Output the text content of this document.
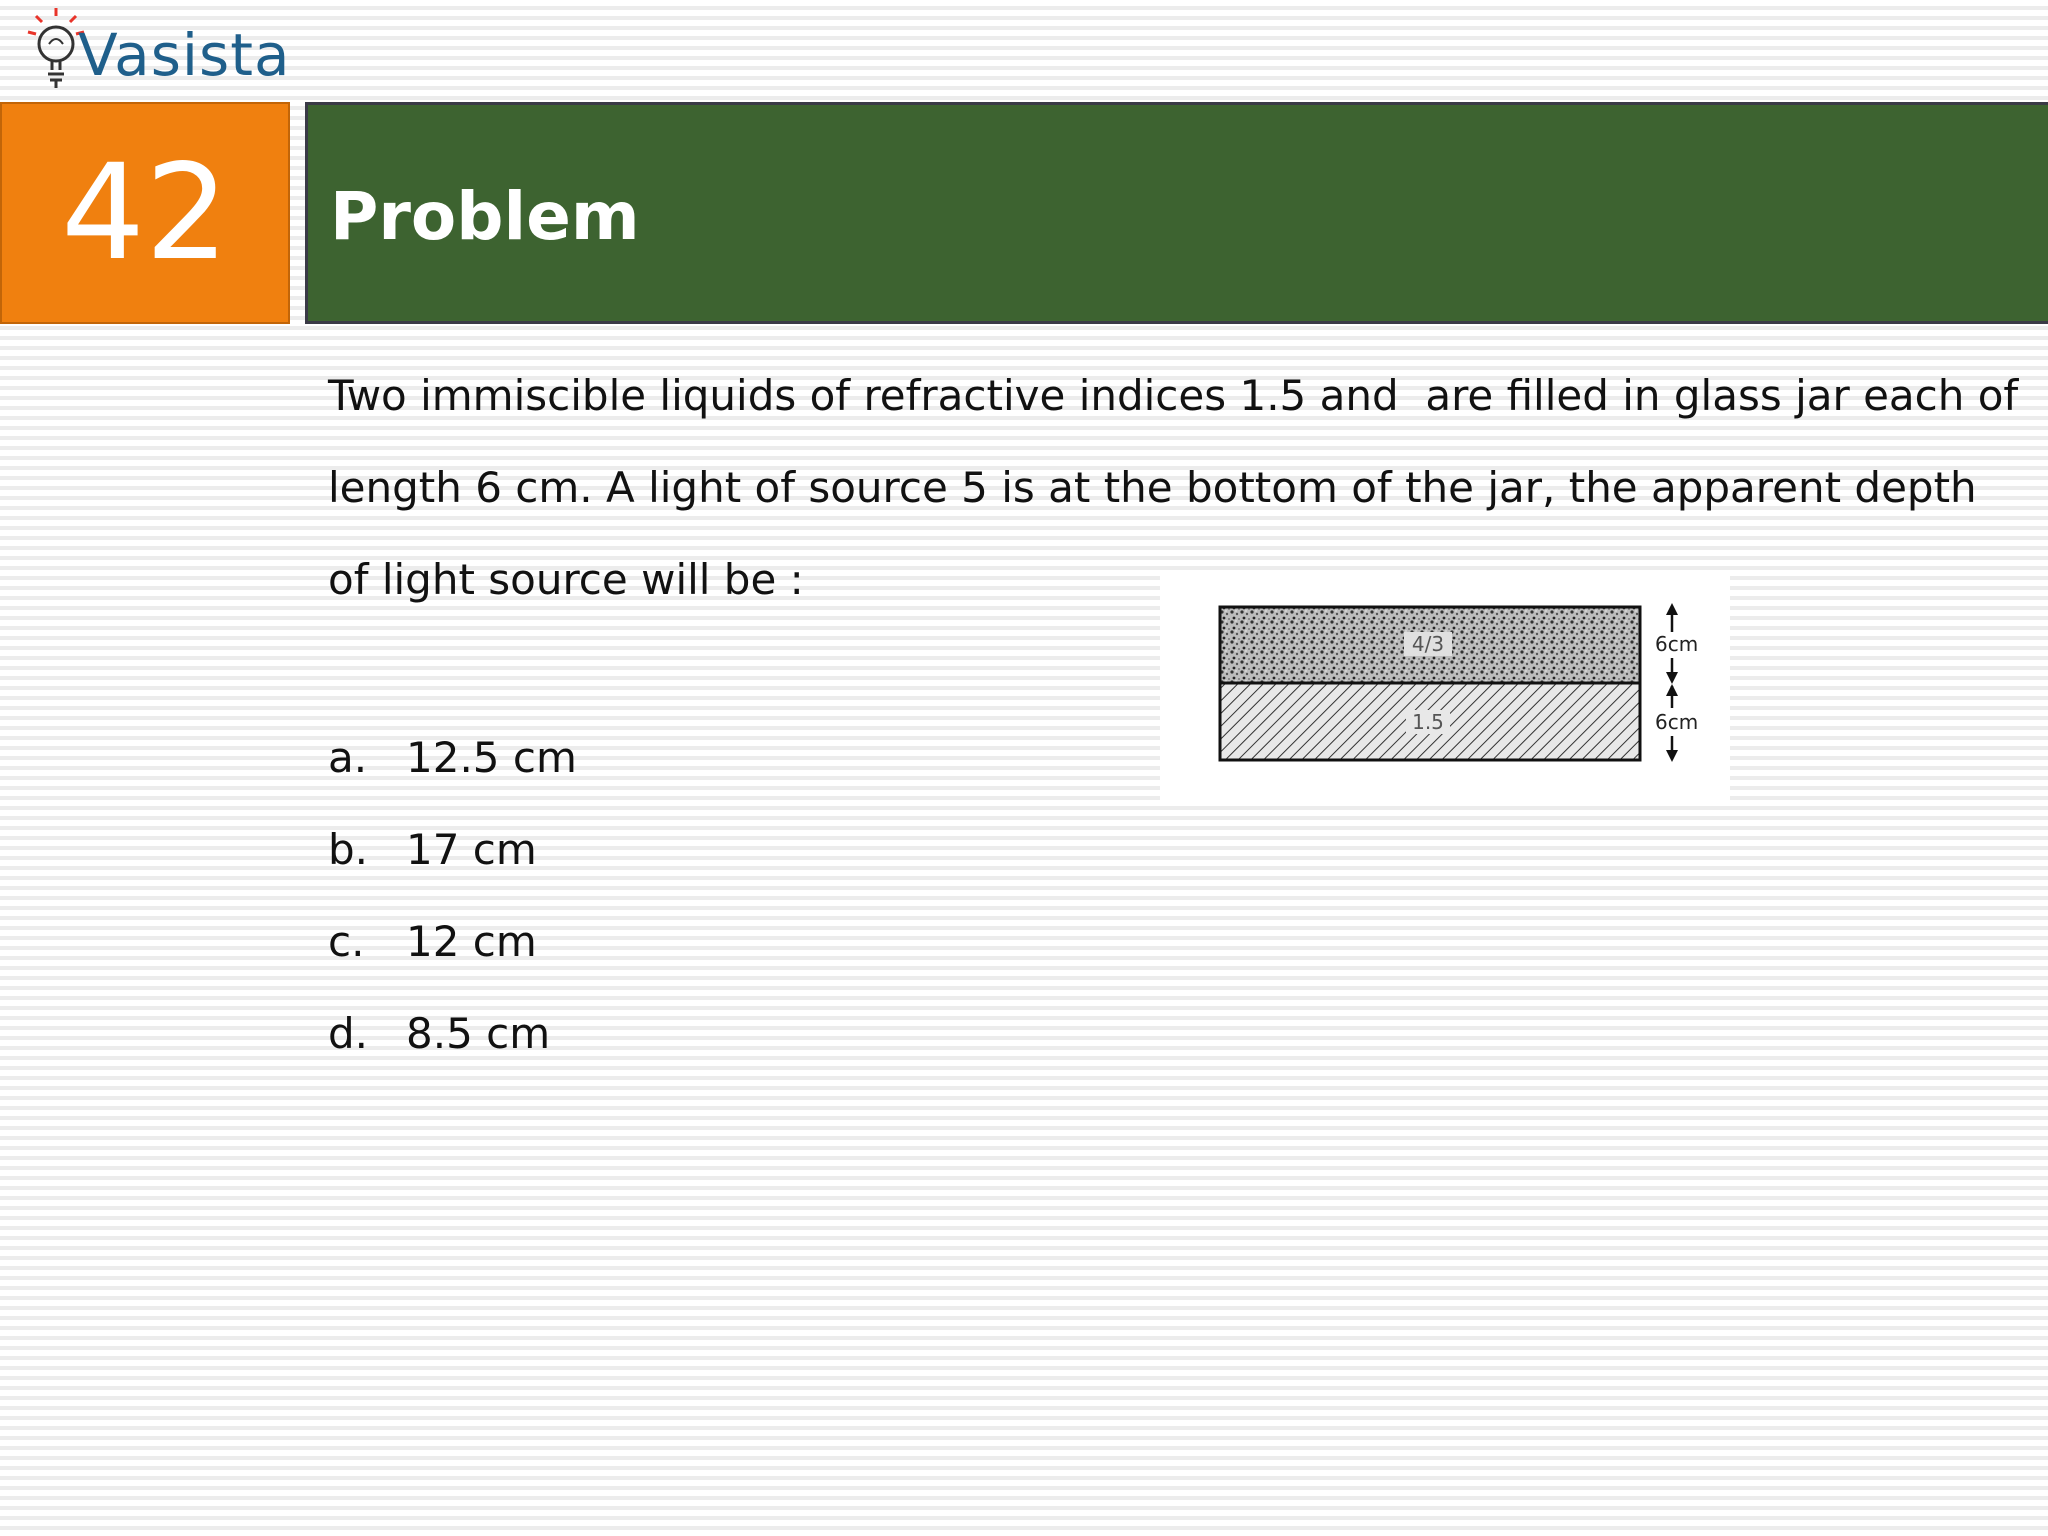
Vasista
42 Problem
Two immiscible liquids of refractive indices 1.5 and  are filled in glass jar each of
length 6 cm. A light of source 5 is at the bottom of the jar, the apparent depth
of light source will be :
a. 12.5 cm
b. 17 cm
c. 12 cm
d. 8.5 cm
4/3
1.5
6cm
6cm
